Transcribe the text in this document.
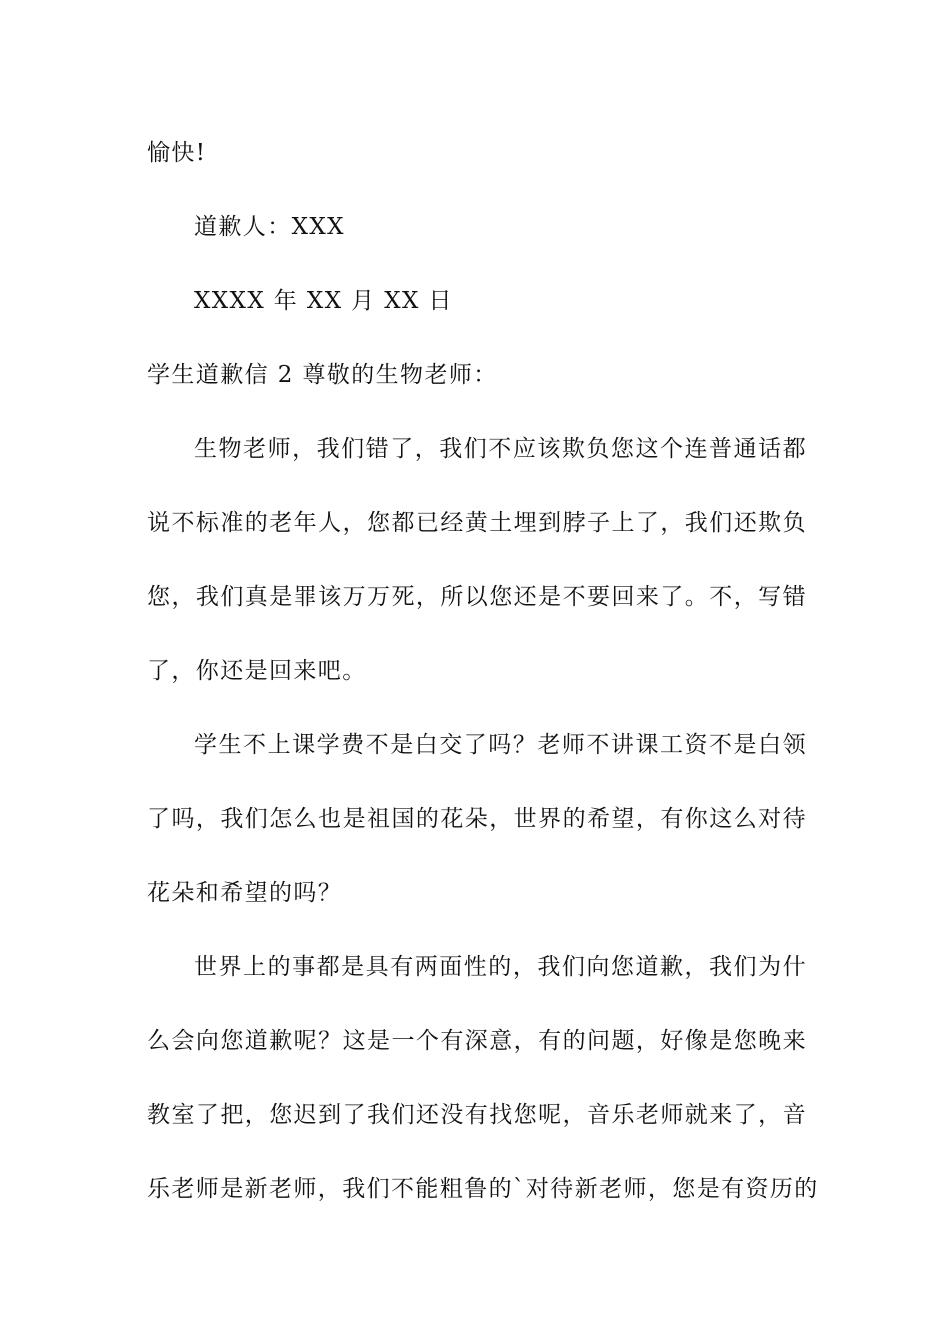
愉快!
道歉人：XXX
XXXX 年 XX 月 XX 日
学生道歉信 2 尊敬的生物老师：
生物老师，我们错了，我们不应该欺负您这个连普通话都
说不标准的老年人，您都已经黄土埋到脖子上了，我们还欺负
您，我们真是罪该万万死，所以您还是不要回来了。不，写错
了，你还是回来吧。
学生不上课学费不是白交了吗？老师不讲课工资不是白领
了吗，我们怎么也是祖国的花朵，世界的希望，有你这么对待
花朵和希望的吗？
世界上的事都是具有两面性的，我们向您道歉，我们为什
么会向您道歉呢？这是一个有深意，有的问题，好像是您晚来
教室了把，您迟到了我们还没有找您呢，音乐老师就来了，音
乐老师是新老师，我们不能粗鲁的`对待新老师，您是有资历的
